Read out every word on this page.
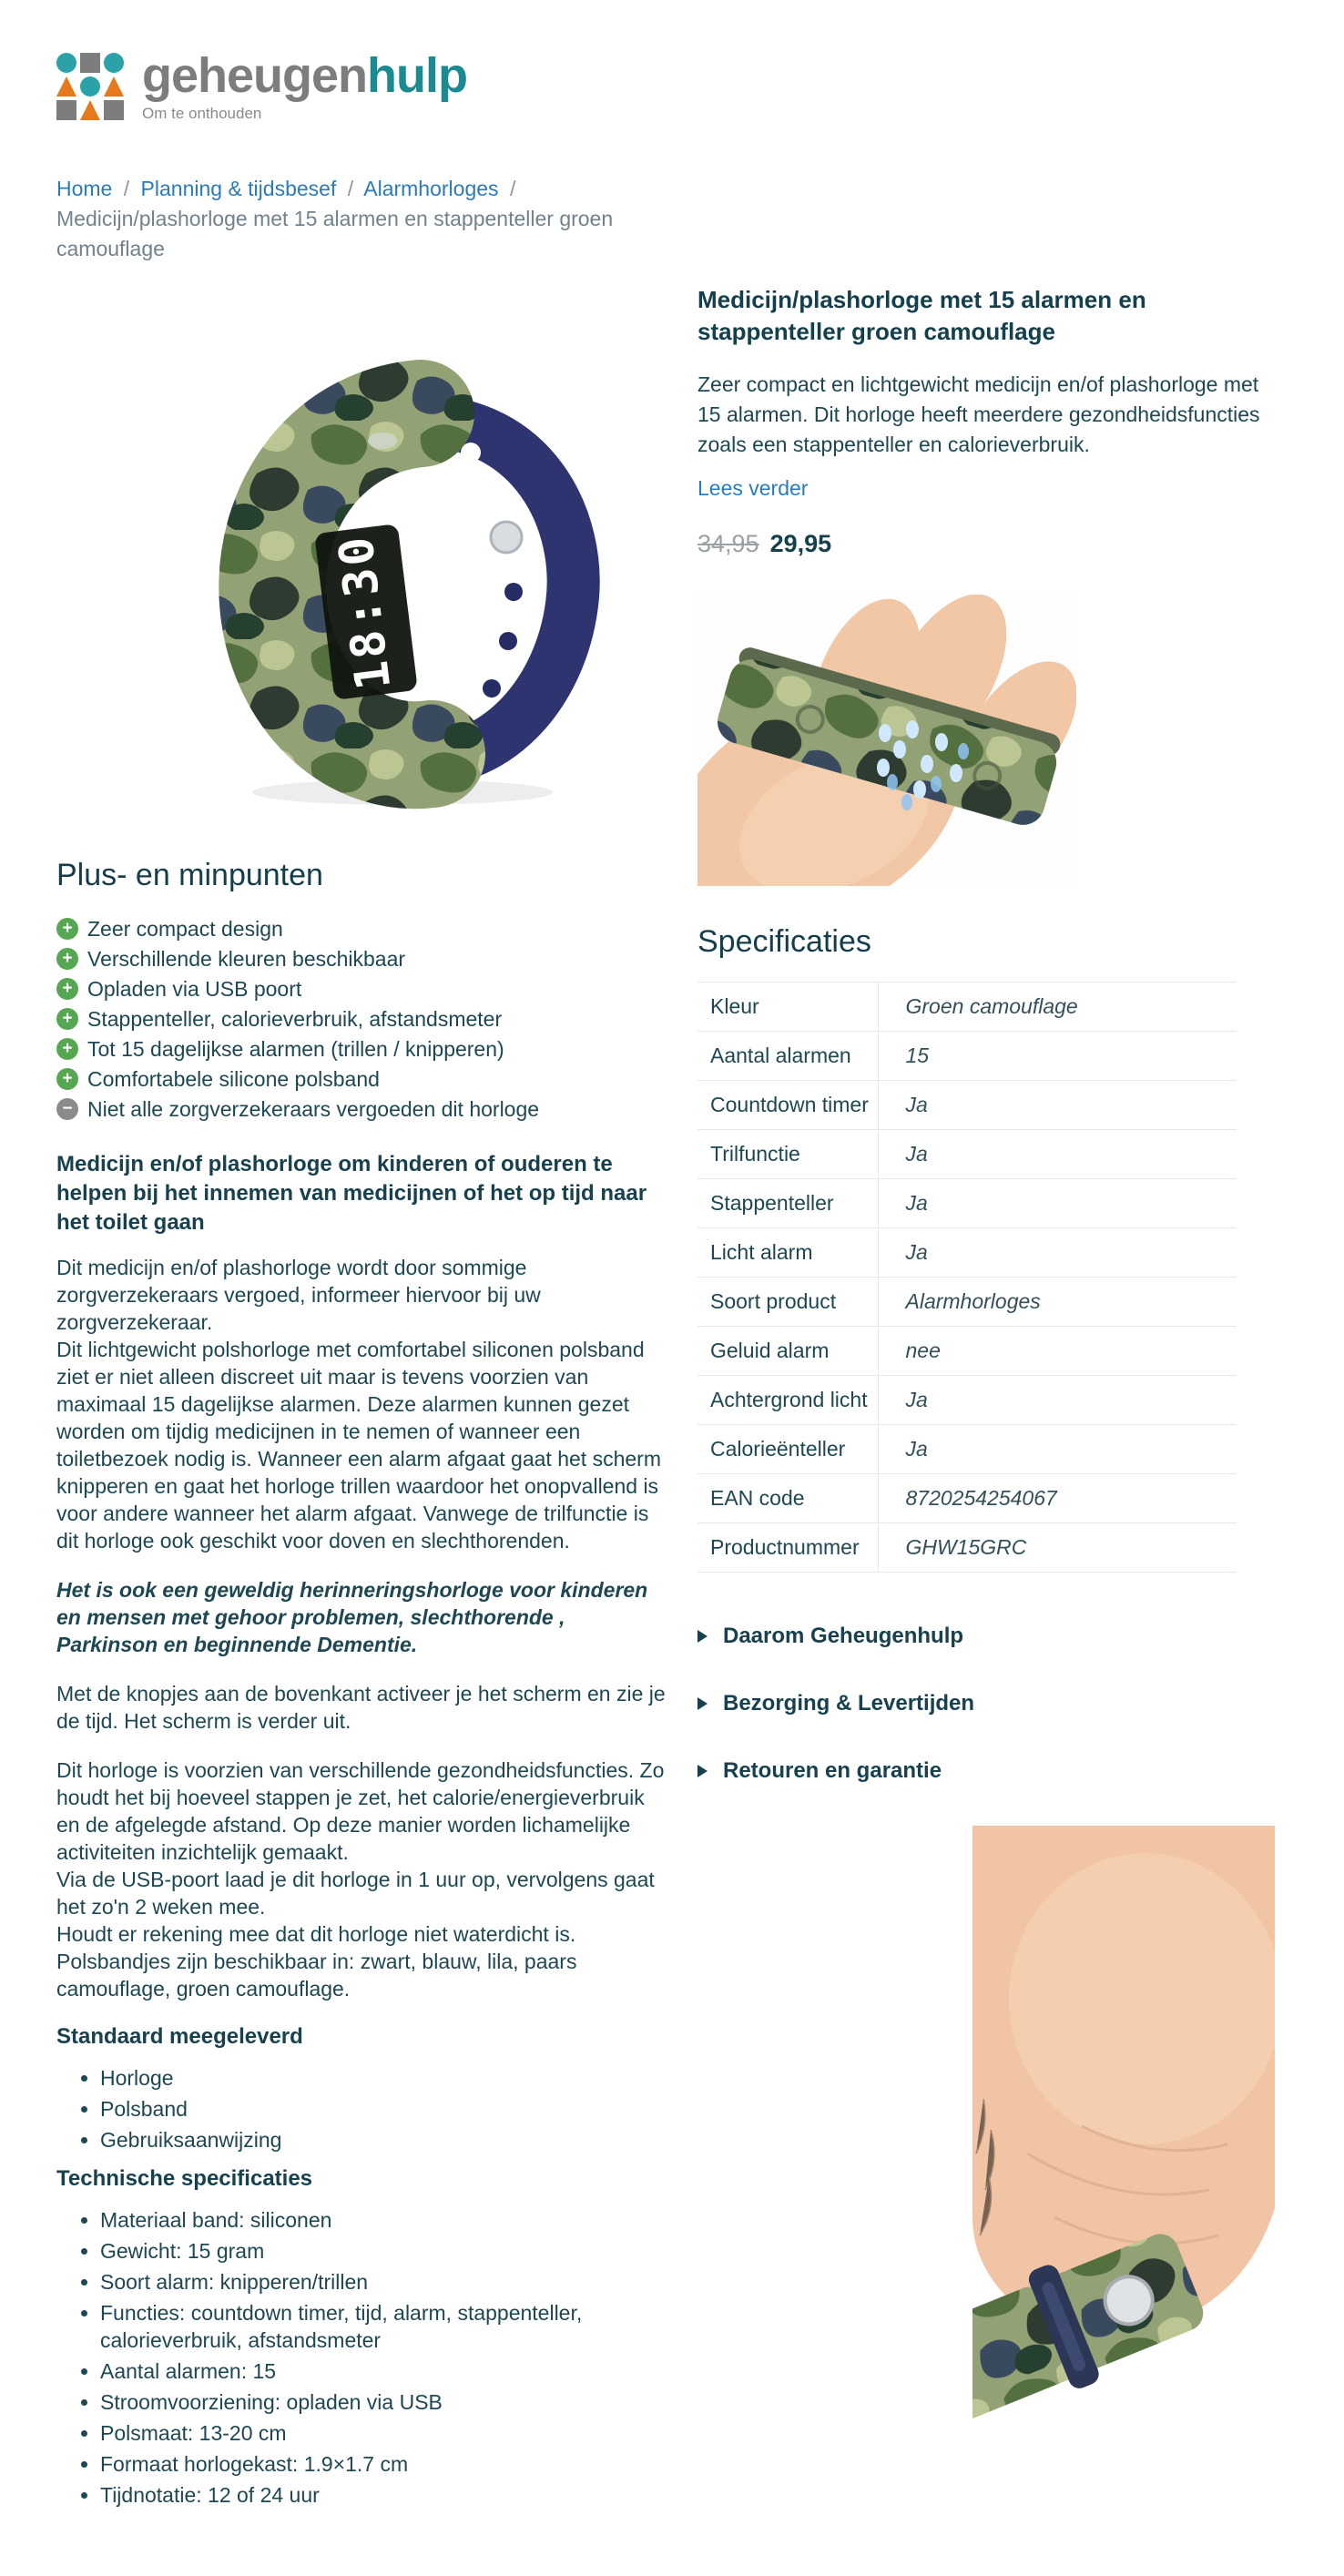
geheugenhulp
Om te onthouden
Home / Planning & tijdsbesef / Alarmhorloges / Medicijn/plashorloge met 15 alarmen en stappenteller groen camouflage
18:30
Plus- en minpunten
+ Zeer compact design
+ Verschillende kleuren beschikbaar
+ Opladen via USB poort
+ Stappenteller, calorieverbruik, afstandsmeter
+ Tot 15 dagelijkse alarmen (trillen / knipperen)
+ Comfortabele silicone polsband
− Niet alle zorgverzekeraars vergoeden dit horloge
Medicijn en/of plashorloge om kinderen of ouderen te helpen bij het innemen van medicijnen of het op tijd naar het toilet gaan

Dit medicijn en/of plashorloge wordt door sommige zorgverzekeraars vergoed, informeer hiervoor bij uw zorgverzekeraar.

Dit lichtgewicht polshorloge met comfortabel siliconen polsband ziet er niet alleen discreet uit maar is tevens voorzien van maximaal 15 dagelijkse alarmen. Deze alarmen kunnen gezet worden om tijdig medicijnen in te nemen of wanneer een toiletbezoek nodig is. Wanneer een alarm afgaat gaat het scherm knipperen en gaat het horloge trillen waardoor het onopvallend is voor andere wanneer het alarm afgaat. Vanwege de trilfunctie is dit horloge ook geschikt voor doven en slechthorenden.

Het is ook een geweldig herinneringshorloge voor kinderen en mensen met gehoor problemen, slechthorende , Parkinson en beginnende Dementie.

Met de knopjes aan de bovenkant activeer je het scherm en zie je de tijd. Het scherm is verder uit.

Dit horloge is voorzien van verschillende gezondheidsfuncties. Zo houdt het bij hoeveel stappen je zet, het calorie/energieverbruik en de afgelegde afstand. Op deze manier worden lichamelijke activiteiten inzichtelijk gemaakt.

Via de USB-poort laad je dit horloge in 1 uur op, vervolgens gaat het zo'n 2 weken mee.

Houdt er rekening mee dat dit horloge niet waterdicht is.

Polsbandjes zijn beschikbaar in: zwart, blauw, lila, paars camouflage, groen camouflage.

Standaard meegeleverd
• Horloge
• Polsband
• Gebruiksaanwijzing
Technische specificaties
• Materiaal band: siliconen
• Gewicht: 15 gram
• Soort alarm: knipperen/trillen
• Functies: countdown timer, tijd, alarm, stappenteller, calorieverbruik, afstandsmeter
• Aantal alarmen: 15
• Stroomvoorziening: opladen via USB
• Polsmaat: 13-20 cm
• Formaat horlogekast: 1.9×1.7 cm
• Tijdnotatie: 12 of 24 uur
Medicijn/plashorloge met 15 alarmen en stappenteller groen camouflage

Zeer compact en lichtgewicht medicijn en/of plashorloge met 15 alarmen. Dit horloge heeft meerdere gezondheidsfuncties zoals een stappenteller en calorieverbruik.

Lees verder
34,95 29,95
Specificaties
Kleur	Groen camouflage
Aantal alarmen	15
Countdown timer	Ja
Trilfunctie	Ja
Stappenteller	Ja
Licht alarm	Ja
Soort product	Alarmhorloges
Geluid alarm	nee
Achtergrond licht	Ja
Calorieënteller	Ja
EAN code	8720254254067
Productnummer	GHW15GRC
Daarom Geheugenhulp
Bezorging & Levertijden
Retouren en garantie
